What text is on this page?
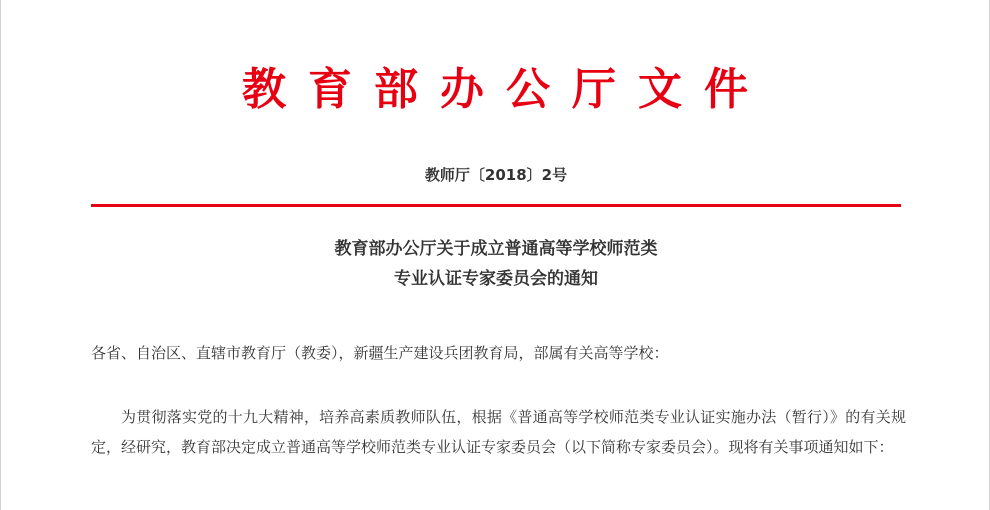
教育部办公厅文件
教师厅〔2018〕2号
教育部办公厅关于成立普通高等学校师范类
专业认证专家委员会的通知
各省、自治区、直辖市教育厅（教委），新疆生产建设兵团教育局，部属有关高等学校：
为贯彻落实党的十九大精神，培养高素质教师队伍，根据《普通高等学校师范类专业认证实施办法（暂行）》的有关规定，经研究，教育部决定成立普通高等学校师范类专业认证专家委员会（以下简称专家委员会）。现将有关事项通知如下：
